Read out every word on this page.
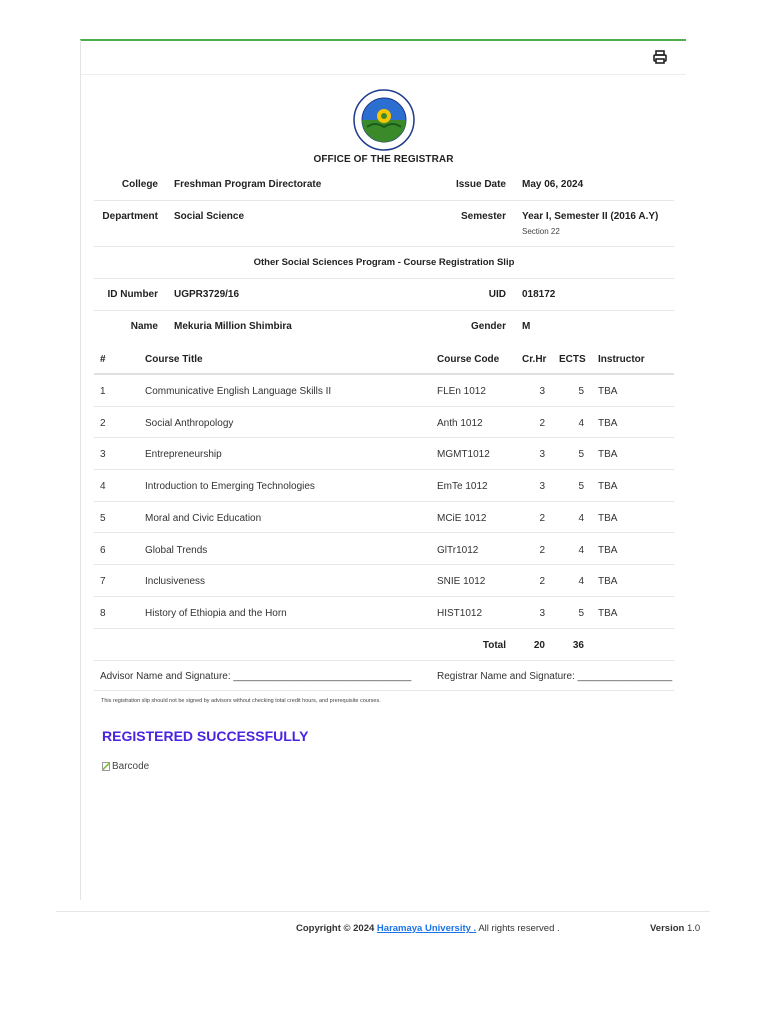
OFFICE OF THE REGISTRAR
College Freshman Program Directorate	Issue Date May 06, 2024
Department Social Science	Semester Year I, Semester II (2016 A.Y)
Section 22
Other Social Sciences Program - Course Registration Slip
ID Number UGPR3729/16	UID 018172
Name Mekuria Million Shimbira	Gender M
#	Course Title	Course Code Cr.Hr ECTS Instructor
1	Communicative English Language Skills II	FLEn 1012	3	5 TBA
2	Social Anthropology	Anth 1012	2	4 TBA
3	Entrepreneurship	MGMT1012	3	5 TBA
4	Introduction to Emerging Technologies	EmTe 1012	3	5 TBA
5	Moral and Civic Education	MCiE 1012	2	4 TBA
6	Global Trends	GlTr1012	2	4 TBA
7	Inclusiveness	SNIE 1012	2	4 TBA
8	History of Ethiopia and the Horn	HIST1012	3	5 TBA
Total	20	36
Advisor Name and Signature: ________________________________	Registrar Name and Signature: _________________
This registration slip should not be signed by advisors without checking total credit hours, and prerequisite courses.
REGISTERED SUCCESSFULLY
Barcode
Copyright © 2024 Haramaya University . All rights reserved .	Version 1.0
